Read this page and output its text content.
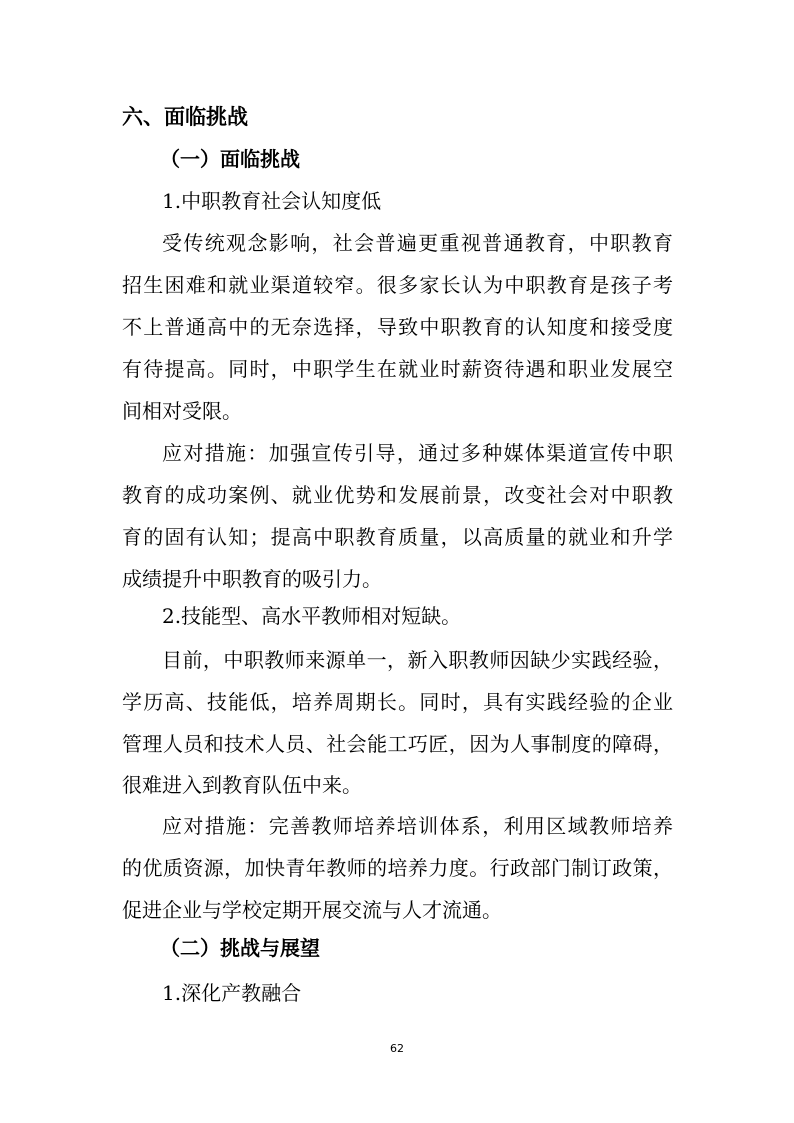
六、面临挑战
（一）面临挑战
1.中职教育社会认知度低
受传统观念影响，社会普遍更重视普通教育，中职教育
招生困难和就业渠道较窄。很多家长认为中职教育是孩子考
不上普通高中的无奈选择，导致中职教育的认知度和接受度
有待提高。同时，中职学生在就业时薪资待遇和职业发展空
间相对受限。
应对措施：加强宣传引导，通过多种媒体渠道宣传中职
教育的成功案例、就业优势和发展前景，改变社会对中职教
育的固有认知；提高中职教育质量，以高质量的就业和升学
成绩提升中职教育的吸引力。
2.技能型、高水平教师相对短缺。
目前，中职教师来源单一，新入职教师因缺少实践经验，
学历高、技能低，培养周期长。同时，具有实践经验的企业
管理人员和技术人员、社会能工巧匠，因为人事制度的障碍，
很难进入到教育队伍中来。
应对措施：完善教师培养培训体系，利用区域教师培养
的优质资源，加快青年教师的培养力度。行政部门制订政策，
促进企业与学校定期开展交流与人才流通。
（二）挑战与展望
1.深化产教融合
62
